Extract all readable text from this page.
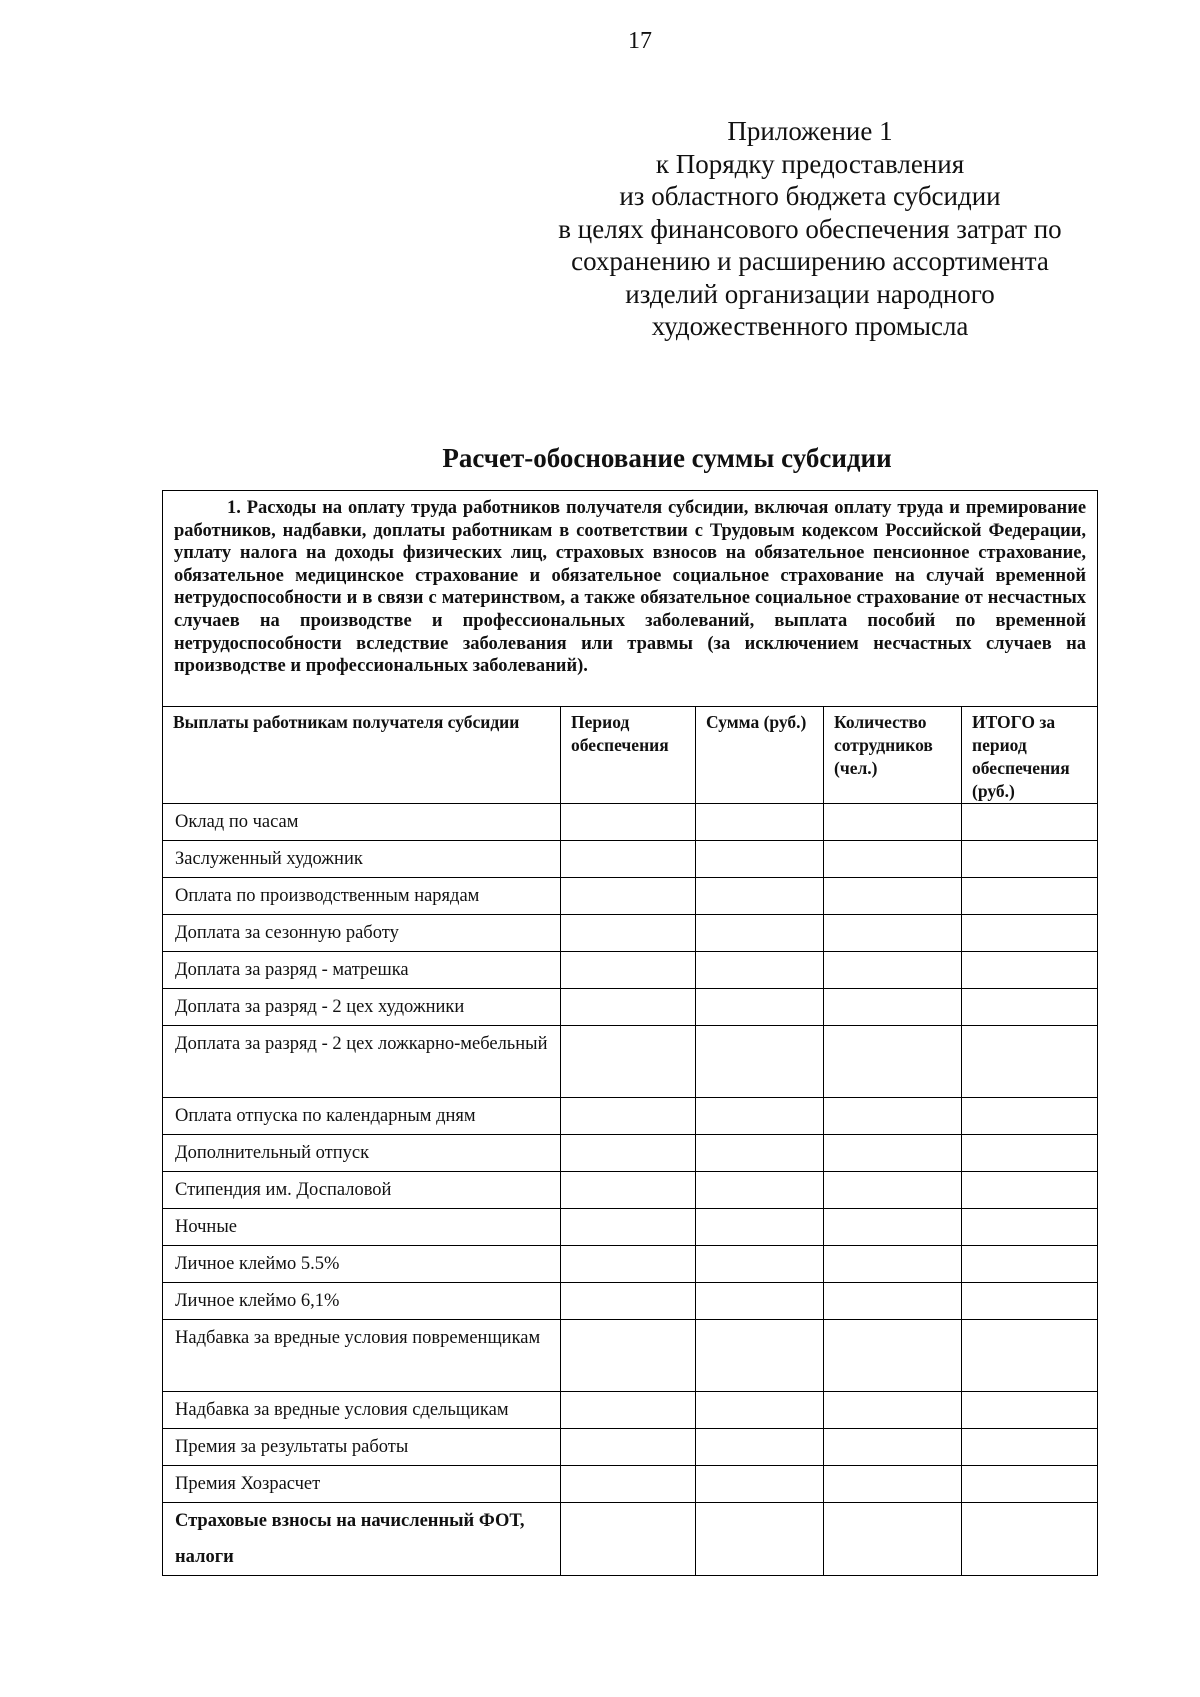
17
Приложение 1
к Порядку предоставления
из областного бюджета субсидии
в целях финансового обеспечения затрат по
сохранению и расширению ассортимента
изделий организации народного
художественного промысла
Расчет-обоснование суммы субсидии
1. Расходы на оплату труда работников получателя субсидии, включая оплату труда и премирование работников, надбавки, доплаты работникам в соответствии с Трудовым кодексом Российской Федерации, уплату налога на доходы физических лиц, страховых взносов на обязательное пенсионное страхование, обязательное медицинское страхование и обязательное социальное страхование на случай временной нетрудоспособности и в связи с материнством, а также обязательное социальное страхование от несчастных случаев на производстве и профессиональных заболеваний, выплата пособий по временной нетрудоспособности вследствие заболевания или травмы (за исключением несчастных случаев на производстве и профессиональных заболеваний).				

Выплаты работникам получателя субсидии	Период обеспечения	Сумма (руб.)	Количество сотрудников (чел.)	ИТОГО за период обеспечения (руб.)
Оклад по часам				
Заслуженный художник				
Оплата по производственным нарядам				
Доплата за сезонную работу				
Доплата за разряд - матрешка				
Доплата за разряд - 2 цех художники				
Доплата за разряд - 2 цех ложкарно-мебельный				
Оплата отпуска по календарным дням				
Дополнительный отпуск				
Стипендия им. Доспаловой				
Ночные				
Личное клеймо 5.5%				
Личное клеймо 6,1%				
Надбавка за вредные условия повременщикам				
Надбавка за вредные условия сдельщикам				
Премия за результаты работы				
Премия Хозрасчет				
Страховые взносы на начисленный ФОТ, налоги				
